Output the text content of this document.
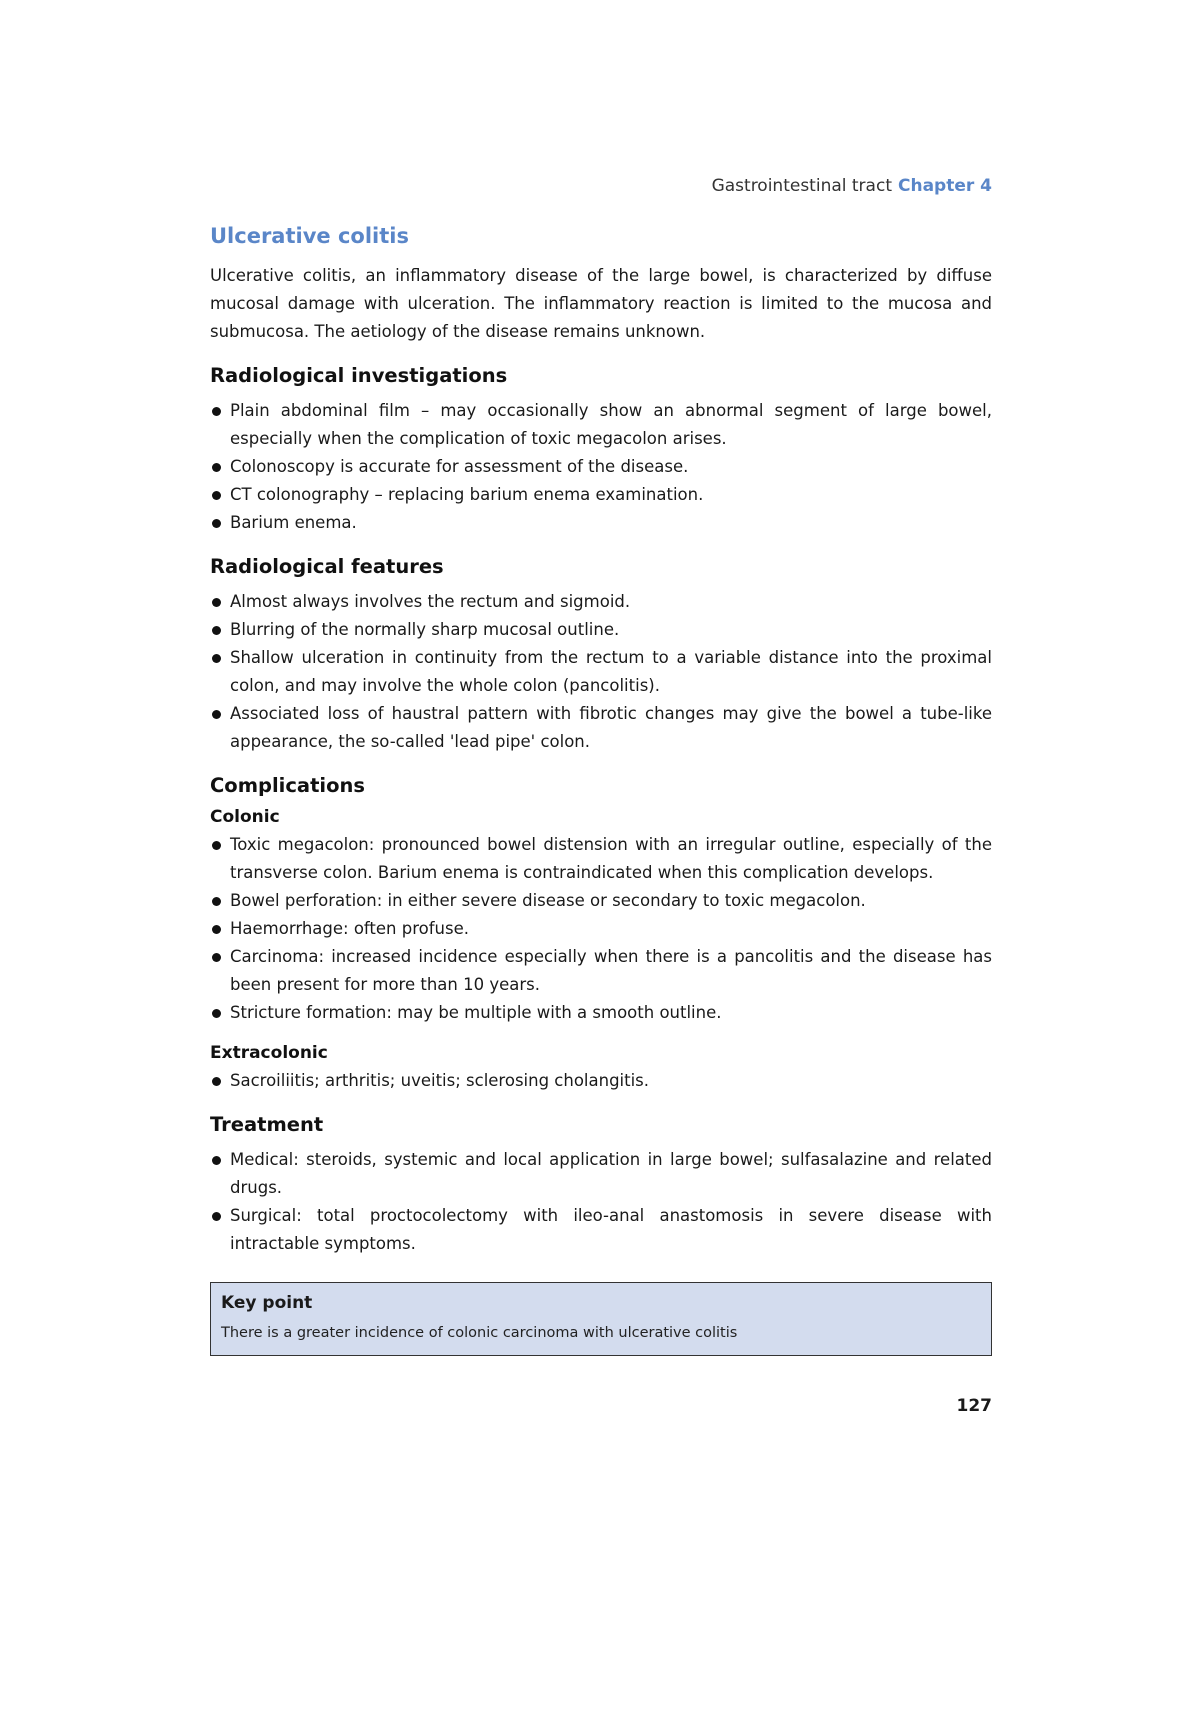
Gastrointestinal tract Chapter 4
Ulcerative colitis

Ulcerative colitis, an inflammatory disease of the large bowel, is characterized by diffuse mucosal damage with ulceration. The inflammatory reaction is limited to the mucosa and submucosa. The aetiology of the disease remains unknown.

Radiological investigations
Plain abdominal film – may occasionally show an abnormal segment of large bowel, especially when the complication of toxic megacolon arises.
Colonoscopy is accurate for assessment of the disease.
CT colonography – replacing barium enema examination.
Barium enema.
Radiological features
Almost always involves the rectum and sigmoid.
Blurring of the normally sharp mucosal outline.
Shallow ulceration in continuity from the rectum to a variable distance into the proximal colon, and may involve the whole colon (pancolitis).
Associated loss of haustral pattern with fibrotic changes may give the bowel a tube-like appearance, the so-called 'lead pipe' colon.
Complications
Colonic
Toxic megacolon: pronounced bowel distension with an irregular outline, especially of the transverse colon. Barium enema is contraindicated when this complication develops.
Bowel perforation: in either severe disease or secondary to toxic megacolon.
Haemorrhage: often profuse.
Carcinoma: increased incidence especially when there is a pancolitis and the disease has been present for more than 10 years.
Stricture formation: may be multiple with a smooth outline.
Extracolonic
Sacroiliitis; arthritis; uveitis; sclerosing cholangitis.
Treatment
Medical: steroids, systemic and local application in large bowel; sulfasalazine and related drugs.
Surgical: total proctocolectomy with ileo-anal anastomosis in severe disease with intractable symptoms.
Key point
There is a greater incidence of colonic carcinoma with ulcerative colitis
127
